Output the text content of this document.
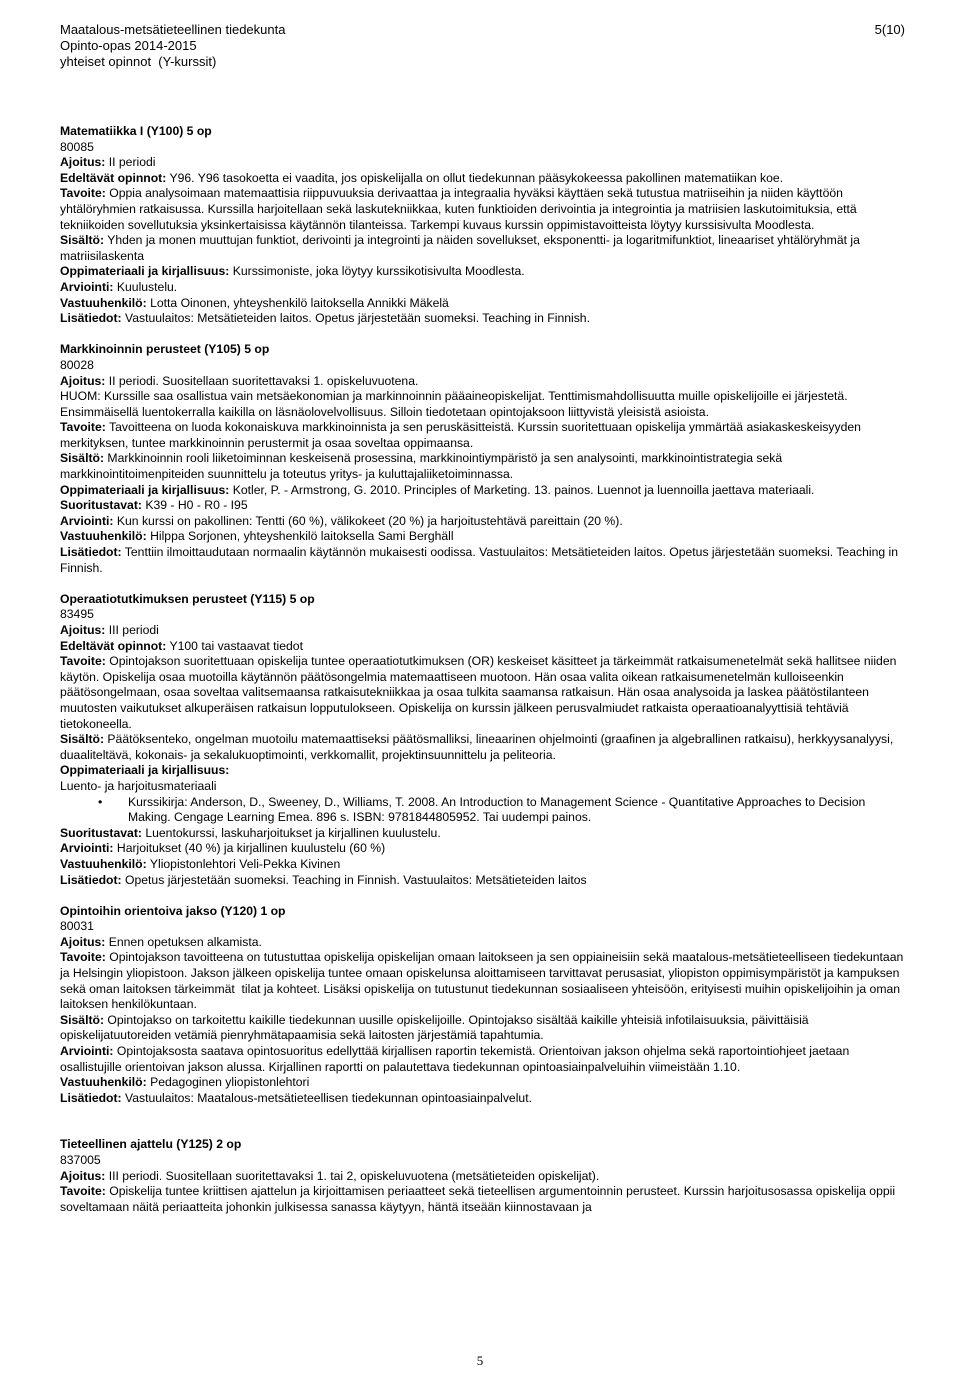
Maatalous-metsätieteellinen tiedekunta	5(10)
Opinto-opas 2014-2015
yhteiset opinnot  (Y-kurssit)
Matematiikka I (Y100) 5 op
80085

Ajoitus: II periodi

Edeltävät opinnot: Y96. Y96 tasokoetta ei vaadita, jos opiskelijalla on ollut tiedekunnan pääsykokeessa pakollinen matematiikan koe.

Tavoite: Oppia analysoimaan matemaattisia riippuvuuksia derivaattaa ja integraalia hyväksi käyttäen sekä tutustua matriiseihin ja niiden käyttöön yhtälöryhmien ratkaisussa. Kurssilla harjoitellaan sekä laskutekniikkaa, kuten funktioiden derivointia ja integrointia ja matriisien laskutoimituksia, että tekniikoiden sovellutuksia yksinkertaisissa käytännön tilanteissa. Tarkempi kuvaus kurssin oppimistavoitteista löytyy kurssisivulta Moodlesta.

Sisältö: Yhden ja monen muuttujan funktiot, derivointi ja integrointi ja näiden sovellukset, eksponentti- ja logaritmifunktiot, lineaariset yhtälöryhmät ja matriisilaskenta

Oppimateriaali ja kirjallisuus: Kurssimoniste, joka löytyy kurssikotisivulta Moodlesta.

Arviointi: Kuulustelu.

Vastuuhenkilö: Lotta Oinonen, yhteyshenkilö laitoksella Annikki Mäkelä

Lisätiedot: Vastuulaitos: Metsätieteiden laitos. Opetus järjestetään suomeksi. Teaching in Finnish.

Markkinoinnin perusteet (Y105) 5 op
80028

Ajoitus: II periodi. Suositellaan suoritettavaksi 1. opiskeluvuotena.

HUOM: Kurssille saa osallistua vain metsäekonomian ja markinnoinnin pääaineopiskelijat. Tenttimismahdollisuutta muille opiskelijoille ei järjestetä. Ensimmäisellä luentokerralla kaikilla on läsnäolovelvollisuus. Silloin tiedotetaan opintojaksoon liittyvistä yleisistä asioista.

Tavoite: Tavoitteena on luoda kokonaiskuva markkinoinnista ja sen peruskäsitteistä. Kurssin suoritettuaan opiskelija ymmärtää asiakaskeskeisyyden merkityksen, tuntee markkinoinnin perustermit ja osaa soveltaa oppimaansa.

Sisältö: Markkinoinnin rooli liiketoiminnan keskeisenä prosessina, markkinointiympäristö ja sen analysointi, markkinointistrategia sekä markkinointitoimenpiteiden suunnittelu ja toteutus yritys- ja kuluttajaliiketoiminnassa.

Oppimateriaali ja kirjallisuus: Kotler, P. - Armstrong, G. 2010. Principles of Marketing. 13. painos. Luennot ja luennoilla jaettava materiaali.

Suoritustavat: K39 - H0 - R0 - I95

Arviointi: Kun kurssi on pakollinen: Tentti (60 %), välikokeet (20 %) ja harjoitustehtävä pareittain (20 %).

Vastuuhenkilö: Hilppa Sorjonen, yhteyshenkilö laitoksella Sami Berghäll

Lisätiedot: Tenttiin ilmoittaudutaan normaalin käytännön mukaisesti oodissa. Vastuulaitos: Metsätieteiden laitos. Opetus järjestetään suomeksi. Teaching in Finnish.

Operaatiotutkimuksen perusteet (Y115) 5 op
83495

Ajoitus: III periodi

Edeltävät opinnot: Y100 tai vastaavat tiedot

Tavoite: Opintojakson suoritettuaan opiskelija tuntee operaatiotutkimuksen (OR) keskeiset käsitteet ja tärkeimmät ratkaisumenetelmät sekä hallitsee niiden käytön. Opiskelija osaa muotoilla käytännön päätösongelmia matemaattiseen muotoon. Hän osaa valita oikean ratkaisumenetelmän kulloiseenkin päätösongelmaan, osaa soveltaa valitsemaansa ratkaisutekniikkaa ja osaa tulkita saamansa ratkaisun. Hän osaa analysoida ja laskea päätöstilanteen muutosten vaikutukset alkuperäisen ratkaisun lopputulokseen. Opiskelija on kurssin jälkeen perusvalmiudet ratkaista operaatioanalyyttisiä tehtäviä tietokoneella.

Sisältö: Päätöksenteko, ongelman muotoilu matemaattiseksi päätösmalliksi, lineaarinen ohjelmointi (graafinen ja algebrallinen ratkaisu), herkkyysanalyysi, duaaliteltävä, kokonais- ja sekalukuoptimointi, verkkomallit, projektinsuunnittelu ja peliteoria.

Oppimateriaali ja kirjallisuus:

Luento- ja harjoitusmateriaali

• Kurssikirja: Anderson, D., Sweeney, D., Williams, T. 2008. An Introduction to Management Science - Quantitative Approaches to Decision Making. Cengage Learning Emea. 896 s. ISBN: 9781844805952. Tai uudempi painos.

Suoritustavat: Luentokurssi, laskuharjoitukset ja kirjallinen kuulustelu.

Arviointi: Harjoitukset (40 %) ja kirjallinen kuulustelu (60 %)

Vastuuhenkilö: Yliopistonlehtori Veli-Pekka Kivinen

Lisätiedot: Opetus järjestetään suomeksi. Teaching in Finnish. Vastuulaitos: Metsätieteiden laitos

Opintoihin orientoiva jakso (Y120) 1 op
80031

Ajoitus: Ennen opetuksen alkamista.

Tavoite: Opintojakson tavoitteena on tutustuttaa opiskelija opiskelijan omaan laitokseen ja sen oppiaineisiin sekä maatalous-metsätieteelliseen tiedekuntaan ja Helsingin yliopistoon. Jakson jälkeen opiskelija tuntee omaan opiskelunsa aloittamiseen tarvittavat perusasiat, yliopiston oppimisympäristöt ja kampuksen sekä oman laitoksen tärkeimmät  tilat ja kohteet. Lisäksi opiskelija on tutustunut tiedekunnan sosiaaliseen yhteisöön, erityisesti muihin opiskelijoihin ja oman laitoksen henkilökuntaan.

Sisältö: Opintojakso on tarkoitettu kaikille tiedekunnan uusille opiskelijoille. Opintojakso sisältää kaikille yhteisiä infotilaisuuksia, päivittäisiä opiskelijatuutoreiden vetämiä pienryhmätapaamisia sekä laitosten järjestämiä tapahtumia.

Arviointi: Opintojaksosta saatava opintosuoritus edellyttää kirjallisen raportin tekemistä. Orientoivan jakson ohjelma sekä raportointiohjeet jaetaan osallistujille orientoivan jakson alussa. Kirjallinen raportti on palautettava tiedekunnan opintoasiainpalveluihin viimeistään 1.10.

Vastuuhenkilö: Pedagoginen yliopistonlehtori

Lisätiedot: Vastuulaitos: Maatalous-metsätieteellisen tiedekunnan opintoasiainpalvelut.

Tieteellinen ajattelu (Y125) 2 op
837005

Ajoitus: III periodi. Suositellaan suoritettavaksi 1. tai 2, opiskeluvuotena (metsätieteiden opiskelijat).

Tavoite: Opiskelija tuntee kriittisen ajattelun ja kirjoittamisen periaatteet sekä tieteellisen argumentoinnin perusteet. Kurssin harjoitusosassa opiskelija oppii soveltamaan näitä periaatteita johonkin julkisessa sanassa käytyyn, häntä itseään kiinnostavaan ja

5
